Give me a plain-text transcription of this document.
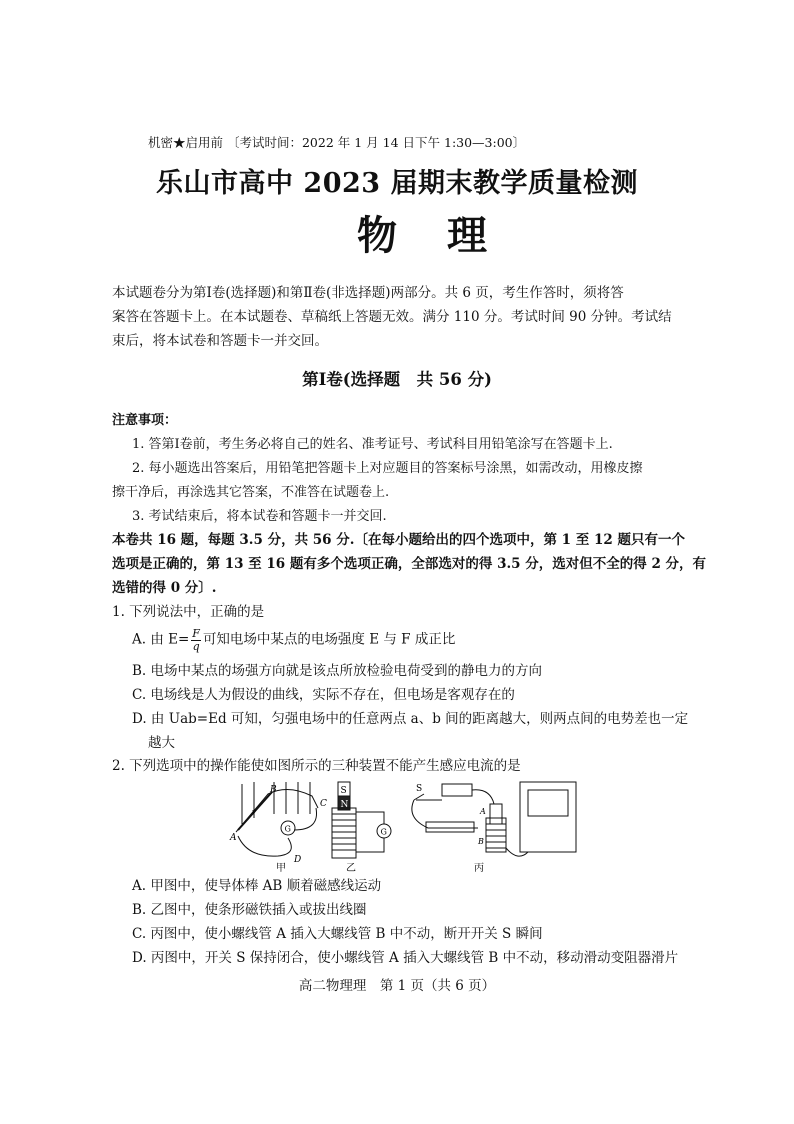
机密★启用前 〔考试时间：2022 年 1 月 14 日下午 1:30—3:00〕
乐山市高中 2023 届期末教学质量检测
物理
本试题卷分为第Ⅰ卷(选择题)和第Ⅱ卷(非选择题)两部分。共 6 页，考生作答时，须将答
案答在答题卡上。在本试题卷、草稿纸上答题无效。满分 110 分。考试时间 90 分钟。考试结
束后，将本试卷和答题卡一并交回。
第Ⅰ卷(选择题　共 56 分)
注意事项：
1. 答第Ⅰ卷前，考生务必将自己的姓名、准考证号、考试科目用铅笔涂写在答题卡上.
2. 每小题选出答案后，用铅笔把答题卡上对应题目的答案标号涂黑，如需改动，用橡皮擦
擦干净后，再涂选其它答案，不准答在试题卷上.
3. 考试结束后，将本试卷和答题卡一并交回.
本卷共 16 题，每题 3.5 分，共 56 分.〔在每小题给出的四个选项中，第 1 至 12 题只有一个
选项是正确的，第 13 至 16 题有多个选项正确，全部选对的得 3.5 分，选对但不全的得 2 分，有
选错的得 0 分〕.
1. 下列说法中，正确的是
A. 由 $E= \frac{F}{q}$ 可知电场中某点的电场强度 E 与 F 成正比
B. 电场中某点的场强方向就是该点所放检验电荷受到的静电力的方向
C. 电场线是人为假设的曲线，实际不存在，但电场是客观存在的
D. 由 Uab=Ed 可知，匀强电场中的任意两点 a、b 间的距离越大，则两点间的电势差也一定
越大
2. 下列选项中的操作能使如图所示的三种装置不能产生感应电流的是
A
B
C
D
G
v
甲
S
N
G
乙
S
A
B
丙
A. 甲图中，使导体棒 AB 顺着磁感线运动
B. 乙图中，使条形磁铁插入或拔出线圈
C. 丙图中，使小螺线管 A 插入大螺线管 B 中不动，断开开关 S 瞬间
D. 丙图中，开关 S 保持闭合，使小螺线管 A 插入大螺线管 B 中不动，移动滑动变阻器滑片
高二物理理　第 1 页（共 6 页）
